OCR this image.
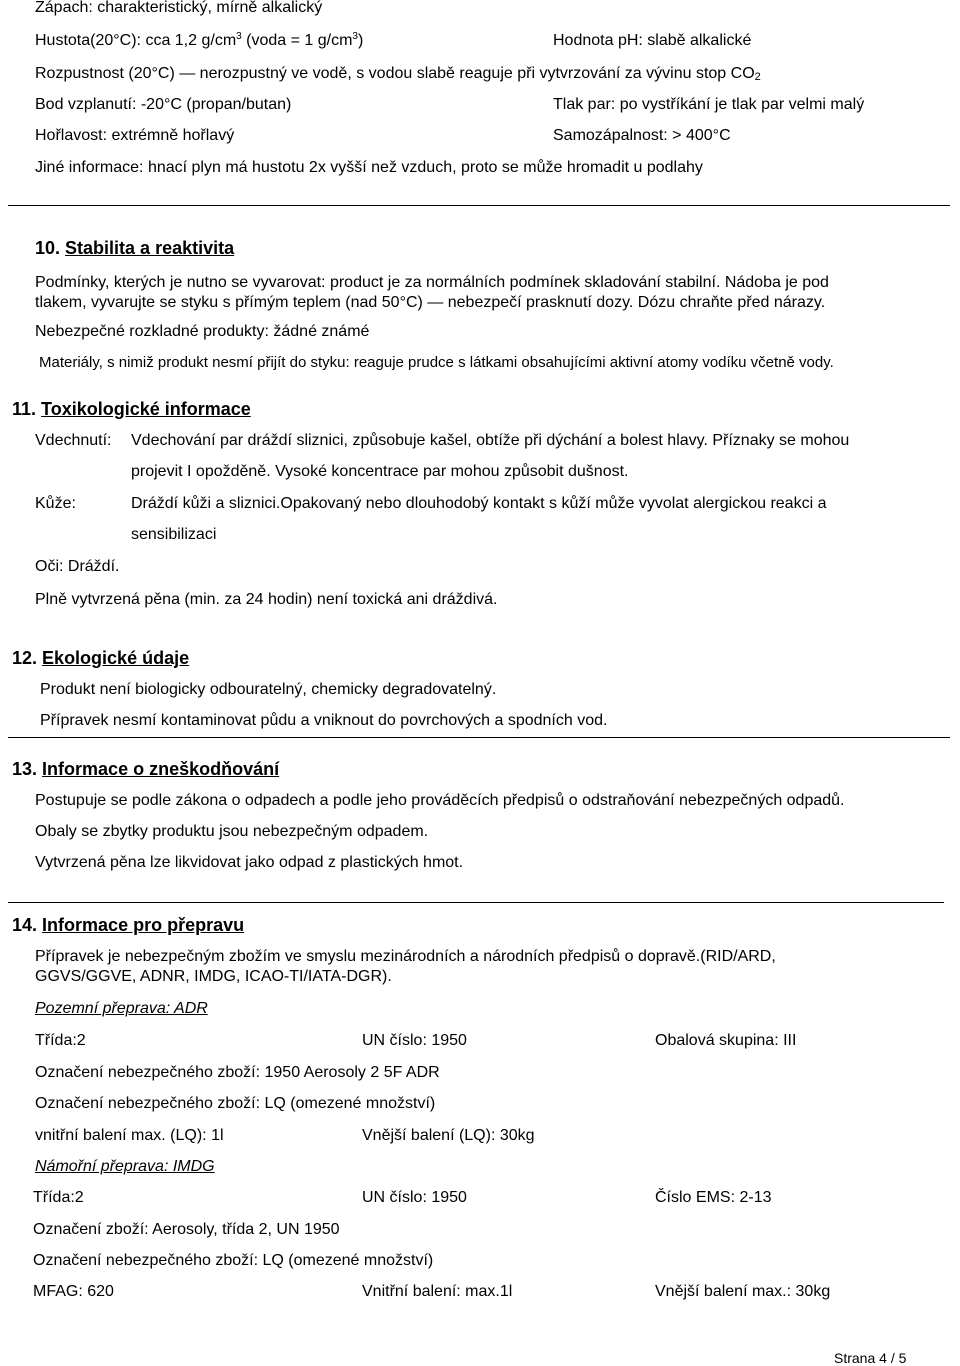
Zápach: charakteristický, mírně alkalický
Hustota(20°C): cca 1,2 $g/cm^3$ (voda = 1 $g/cm^3$)	Hodnota pH: slabě alkalické
Rozpustnost (20°C) — nerozpustný ve vodě, s vodou slabě reaguje při vytvrzování za vývinu stop $CO_2$
Bod vzplanutí: -20°C (propan/butan)	Tlak par: po vystříkání je tlak par velmi malý
Hořlavost: extrémně hořlavý	Samozápalnost: > 400°C
Jiné informace: hnací plyn má hustotu 2x vyšší než vzduch, proto se může hromadit u podlahy
10. Stabilita a reaktivita
Podmínky, kterých je nutno se vyvarovat: product je za normálních podmínek skladování stabilní. Nádoba je pod
tlakem, vyvarujte se styku s přímým teplem (nad 50°C) — nebezpečí prasknutí dozy. Dózu chraňte před nárazy.
Nebezpečné rozkladné produkty: žádné známé
Materiály, s nimiž produkt nesmí přijít do styku: reaguje prudce s látkami obsahujícími aktivní atomy vodíku včetně vody.
11. Toxikologické informace
Vdechnutí: Vdechování par dráždí sliznici, způsobuje kašel, obtíže při dýchání a bolest hlavy. Příznaky se mohou
projevit I opožděně. Vysoké koncentrace par mohou způsobit dušnost.
Kůže:	Dráždí kůži a sliznici.Opakovaný nebo dlouhodobý kontakt s kůží může vyvolat alergickou reakci a
sensibilizaci
Oči: Dráždí.
Plně vytvrzená pěna (min. za 24 hodin) není toxická ani dráždivá.
12. Ekologické údaje
Produkt není biologicky odbouratelný, chemicky degradovatelný.
Přípravek nesmí kontaminovat půdu a vniknout do povrchových a spodních vod.
13. Informace o zneškodňování
Postupuje se podle zákona o odpadech a podle jeho prováděcích předpisů o odstraňování nebezpečných odpadů.
Obaly se zbytky produktu jsou nebezpečným odpadem.
Vytvrzená pěna lze likvidovat jako odpad z plastických hmot.
14. Informace pro přepravu
Přípravek je nebezpečným zbožím ve smyslu mezinárodních a národních předpisů o dopravě.(RID/ARD,
GGVS/GGVE, ADNR, IMDG, ICAO-TI/IATA-DGR).
Pozemní přeprava: ADR
Třída:2	UN číslo: 1950	Obalová skupina: III
Označení nebezpečného zboží: 1950 Aerosoly 2 5F ADR
Označení nebezpečného zboží: LQ (omezené množství)
vnitřní balení max. (LQ): 1l	Vnější balení (LQ): 30kg
Námořní přeprava: IMDG
Třída:2	UN číslo: 1950	Číslo EMS: 2-13
Označení zboží: Aerosoly, třída 2, UN 1950
Označení nebezpečného zboží: LQ (omezené množství)
MFAG: 620	Vnitřní balení: max.1l	Vnější balení max.: 30kg
Strana 4 / 5
